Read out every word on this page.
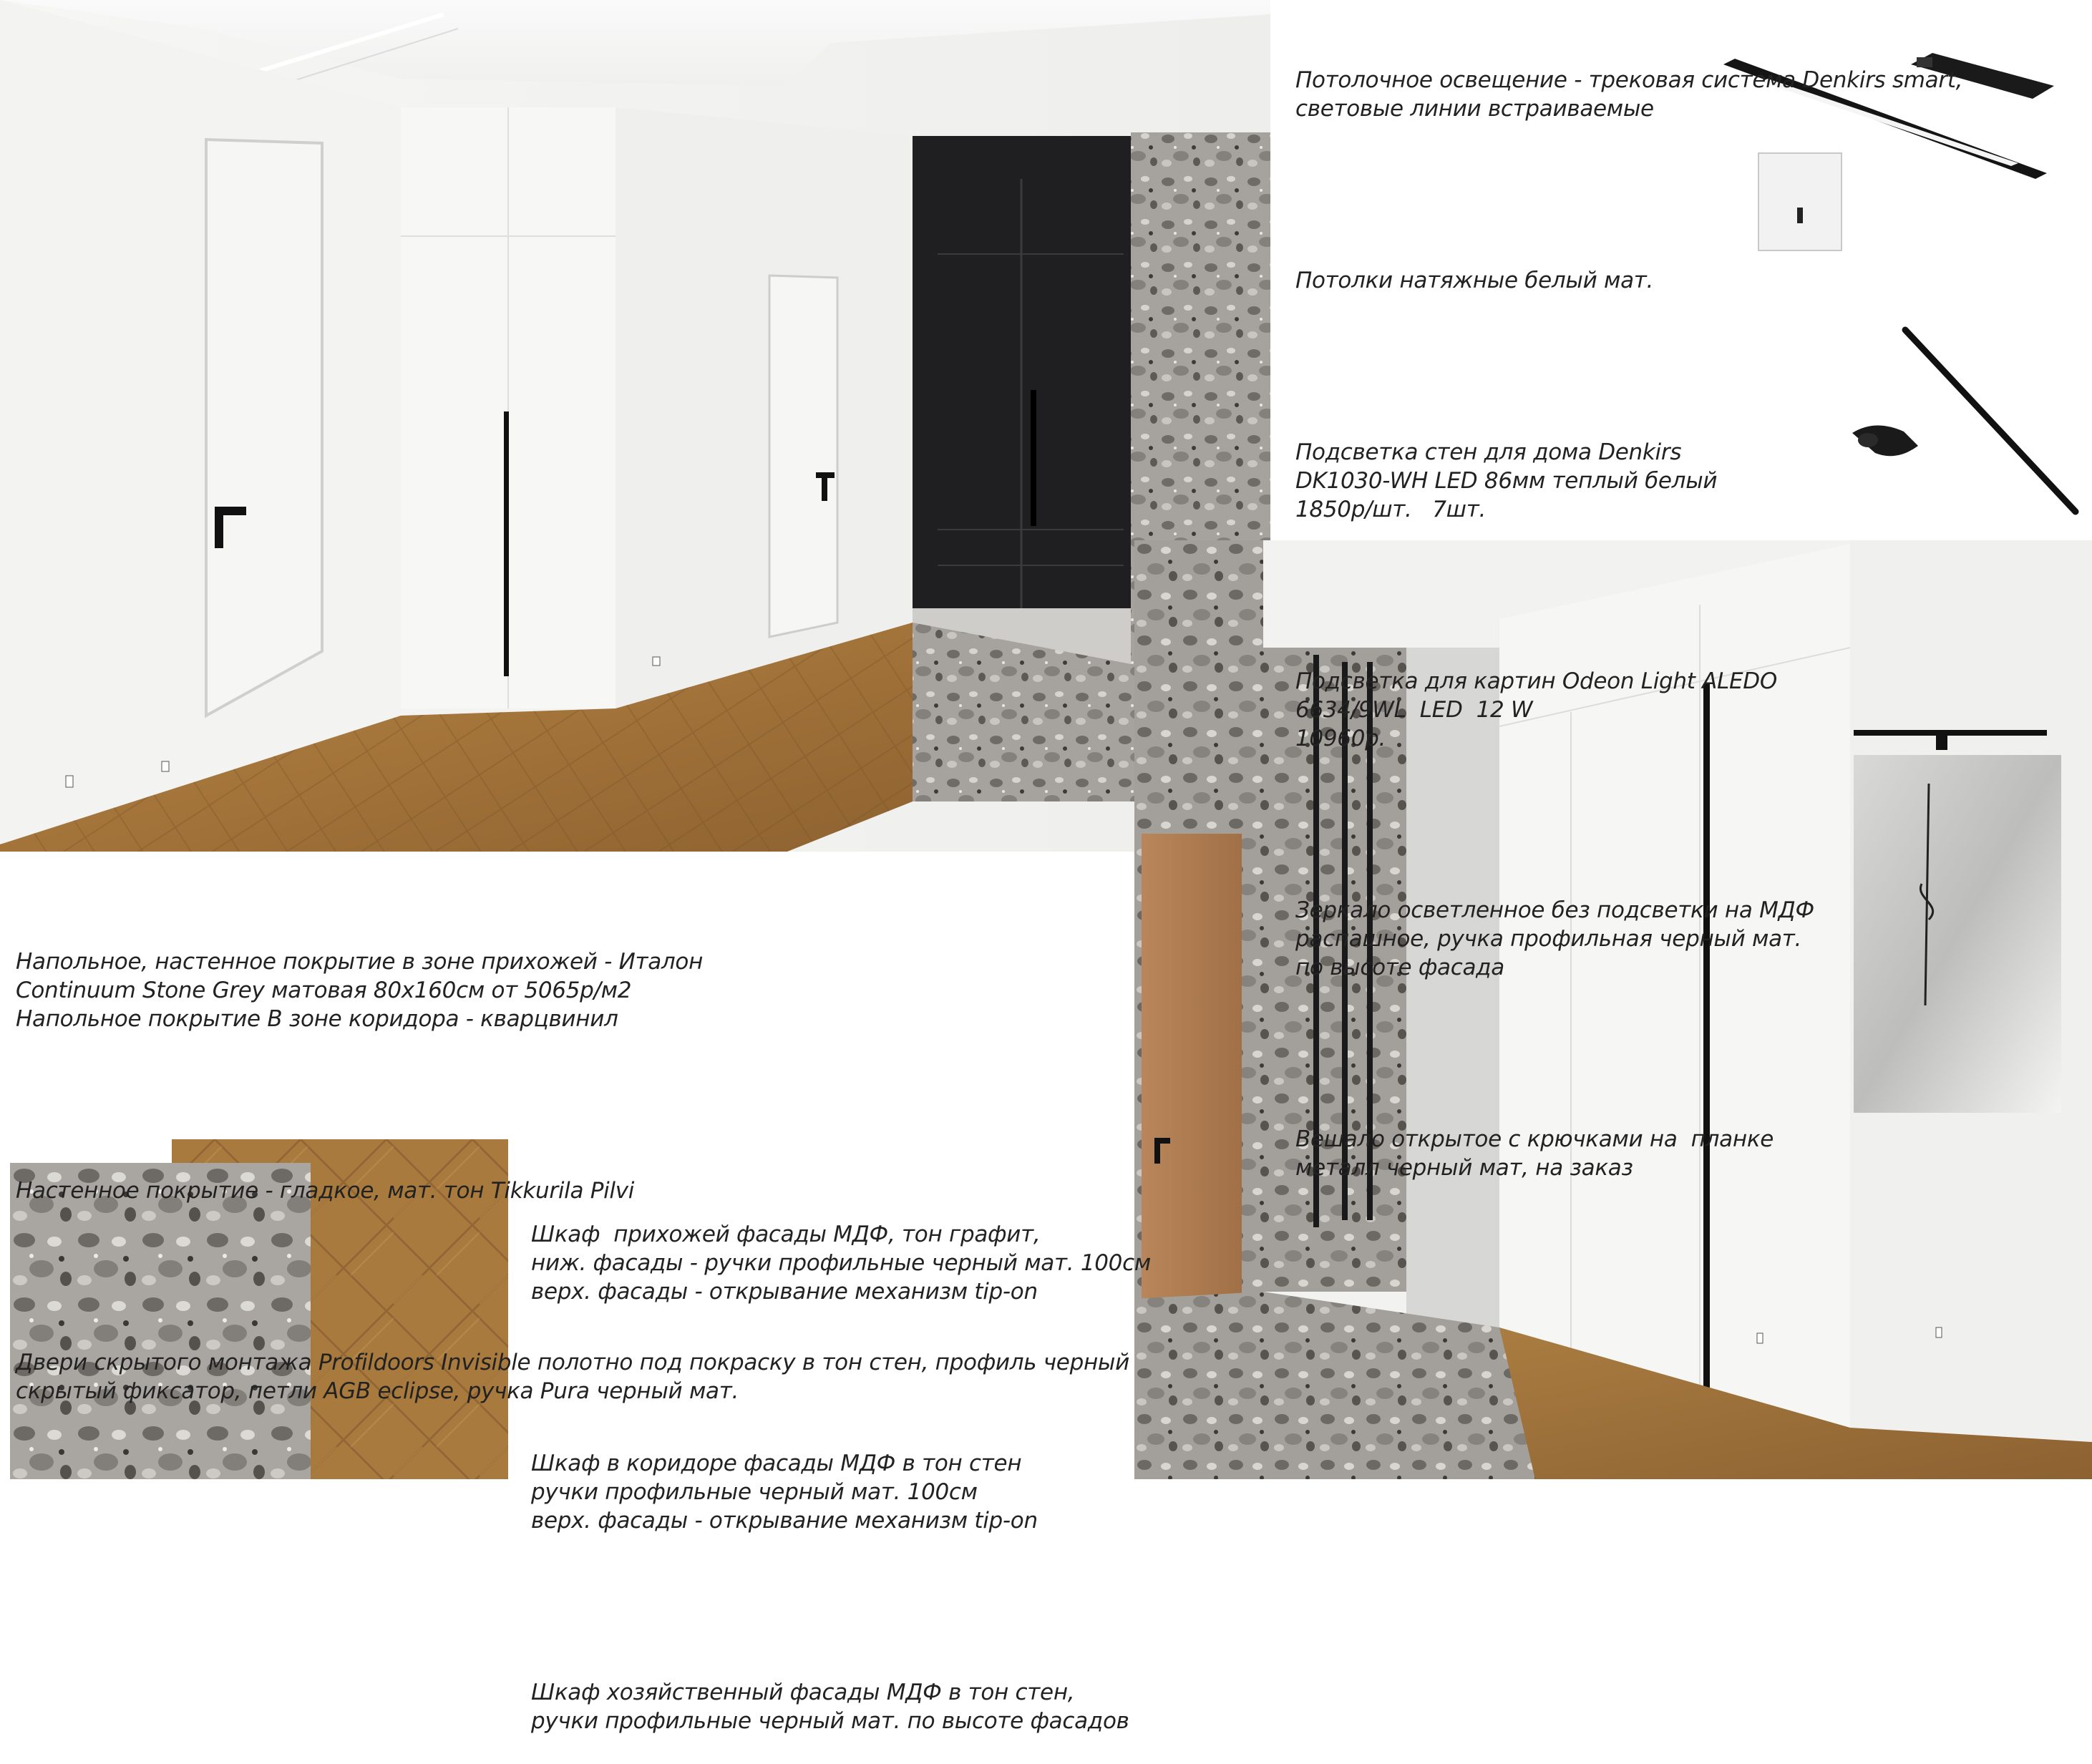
Потолочное освещение - трековая система Denkirs smart,
световые линии встраиваемые

Потолки натяжные белый мат.

Подсветка стен для дома Denkirs
DK1030-WH LED 86мм теплый белый
1850р/шт.   7шт.

Подсветка для картин Odeon Light ALEDO
6634/9WL  LED  12 W
10960р.

Зеркало осветленное без подсветки на МДФ
распашное, ручка профильная черный мат.
по высоте фасада

Вешало открытое с крючками на  планке
металл черный мат, на заказ

Напольное, настенное покрытие в зоне прихожей - Италон
Continuum Stone Grey матовая 80х160см от 5065р/м2
Напольное покрытие В зоне коридора - кварцвинил

Настенное покрытие - гладкое, мат. тон Tikkurila Pilvi

Двери скрытого монтажа Profildoors Invisible полотно под покраску в тон стен, профиль черный
скрытый фиксатор, петли AGB eclipse, ручка Pura черный мат.

Шкаф  прихожей фасады МДФ, тон графит,
ниж. фасады - ручки профильные черный мат. 100см
верх. фасады - открывание механизм tip-on

Шкаф в коридоре фасады МДФ в тон стен
ручки профильные черный мат. 100см
верх. фасады - открывание механизм tip-on

Шкаф хозяйственный фасады МДФ в тон стен,
ручки профильные черный мат. по высоте фасадов
